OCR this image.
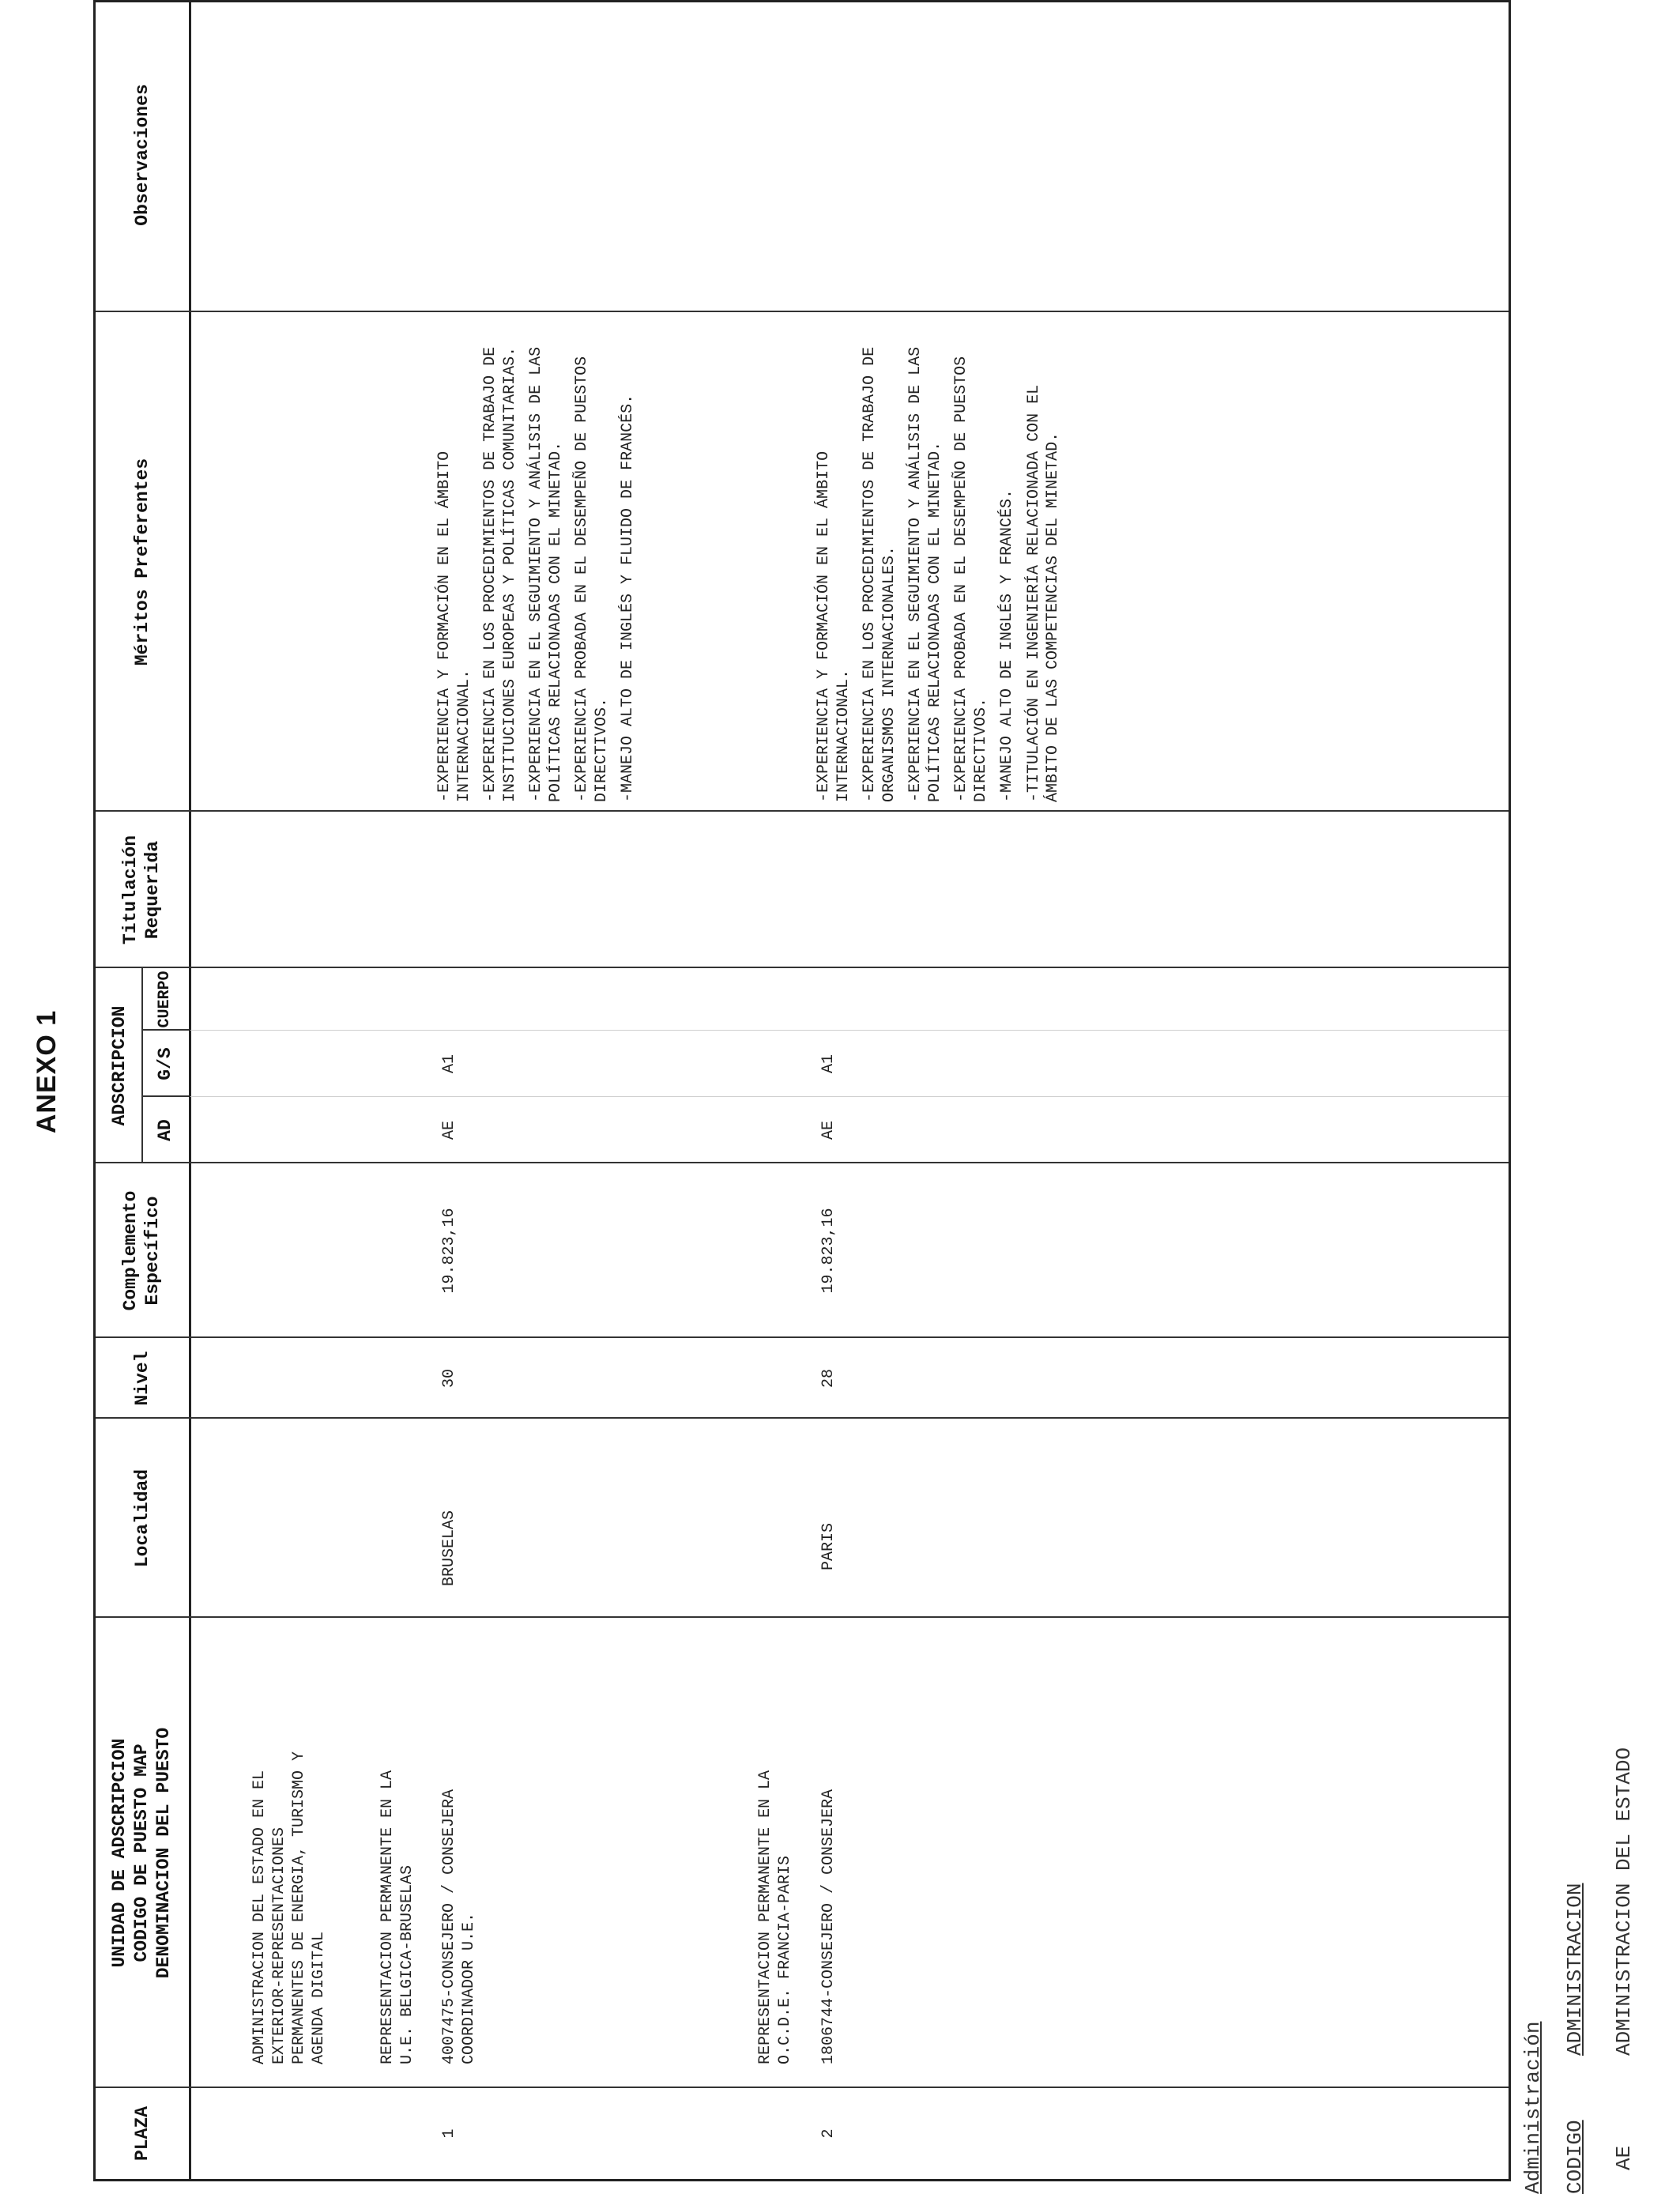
ANEXO 1
PLAZA
UNIDAD DE ADSCRIPCION CODIGO DE PUESTO MAP DENOMINACION DEL PUESTO
Localidad
Nivel
Complemento Específico
ADSCRIPCION
AD
G/S
CUERPO
Titulación Requerida
Méritos Preferentes
Observaciones
ADMINISTRACION DEL ESTADO EN EL
EXTERIOR-REPRESENTACIONES
PERMANENTES DE ENERGIA, TURISMO Y
AGENDA DIGITAL	REPRESENTACION PERMANENTE EN LA
U.E. BELGICA-BRUSELAS
1
4007475-CONSEJERO / CONSEJERA
COORDINADOR U.E.
BRUSELAS
30
19.823,16
AE
A1
-EXPERIENCIA Y FORMACIÓN EN EL ÁMBITO INTERNACIONAL. -EXPERIENCIA EN LOS PROCEDIMIENTOS DE TRABAJO DE INSTITUCIONES EUROPEAS Y POLÍTICAS COMUNITARIAS. -EXPERIENCIA EN EL SEGUIMIENTO Y ANÁLISIS DE LAS POLÍTICAS RELACIONADAS CON EL MINETAD. -EXPERIENCIA PROBADA EN EL DESEMPEÑO DE PUESTOS DIRECTIVOS. -MANEJO ALTO DE INGLÉS Y FLUIDO DE FRANCÉS.
REPRESENTACION PERMANENTE EN LA
O.C.D.E. FRANCIA-PARIS
2
1806744-CONSEJERO / CONSEJERA
PARIS
28
19.823,16
AE
A1
-EXPERIENCIA Y FORMACIÓN EN EL ÁMBITO INTERNACIONAL. -EXPERIENCIA EN LOS PROCEDIMIENTOS DE TRABAJO DE ORGANISMOS INTERNACIONALES. -EXPERIENCIA EN EL SEGUIMIENTO Y ANÁLISIS DE LAS POLÍTICAS RELACIONADAS CON EL MINETAD. -EXPERIENCIA PROBADA EN EL DESEMPEÑO DE PUESTOS DIRECTIVOS. -MANEJO ALTO DE INGLÉS Y FRANCÉS. -TITULACIÓN EN INGENIERÍA RELACIONADA CON EL ÁMBITO DE LAS COMPETENCIAS DEL MINETAD.
Administración CODIGO
ADMINISTRACION
AE
ADMINISTRACION DEL ESTADO
